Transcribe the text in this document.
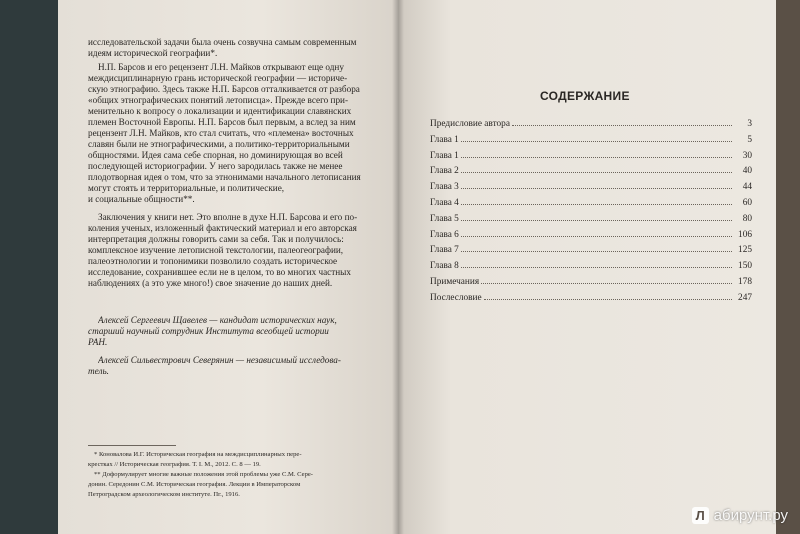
исследовательской задачи была очень созвучна самым современным

идеям исторической географии*.

Н.П. Барсов и его рецензент Л.Н. Майков открывают еще одну

междисциплинарную грань исторической географии — историче-

скую этнографию. Здесь также Н.П. Барсов отталкивается от разбора

«общих этнографических понятий летописца». Прежде всего при-

менительно к вопросу о локализации и идентификации славянских

племен Восточной Европы. Н.П. Барсов был первым, а вслед за ним

рецензент Л.Н. Майков, кто стал считать, что «племена» восточных

славян были не этнографическими, а политико-территориальными

общностями. Идея сама себе спорная, но доминирующая во всей

последующей историографии. У него зародилась также не менее

плодотворная идея о том, что за этнонимами начального летописания

могут стоять и территориальные, и политические,

и социальные общности**.

Заключения у книги нет. Это вполне в духе Н.П. Барсова и его по-

коления ученых, изложенный фактический материал и его авторская

интерпретация должны говорить сами за себя. Так и получилось:

комплексное изучение летописной текстологии, палеогеографии,

палеоэтнологии и топонимики позволило создать историческое

исследование, сохранившее если не в целом, то во многих частных

наблюдениях (а это уже много!) свое значение до наших дней.

Алексей Сергеевич Щавелев — кандидат исторических наук,

старший научный сотрудник Института всеобщей истории

РАН.

Алексей Сильвестрович Северянин — независимый исследова-

тель.

* Коновалова И.Г. Историческая география на междисциплинарных пере-
крестках // Историческая география. Т. I. М., 2012. С. 8 — 19.
** Доформулирует многие важные положения этой проблемы уже С.М. Сере-
донин. Середонин С.М. Историческая география. Лекции в Императорском
Петроградском археологическом институте. Пг., 1916.
СОДЕРЖАНИЕ
Предисловие автора	3
Глава 1	5
Глава 1	30
Глава 2	40
Глава 3	44
Глава 4	60
Глава 5	80
Глава 6	106
Глава 7	125
Глава 8	150
Примечания	178
Послесловие	247
Л абирунт.ру
